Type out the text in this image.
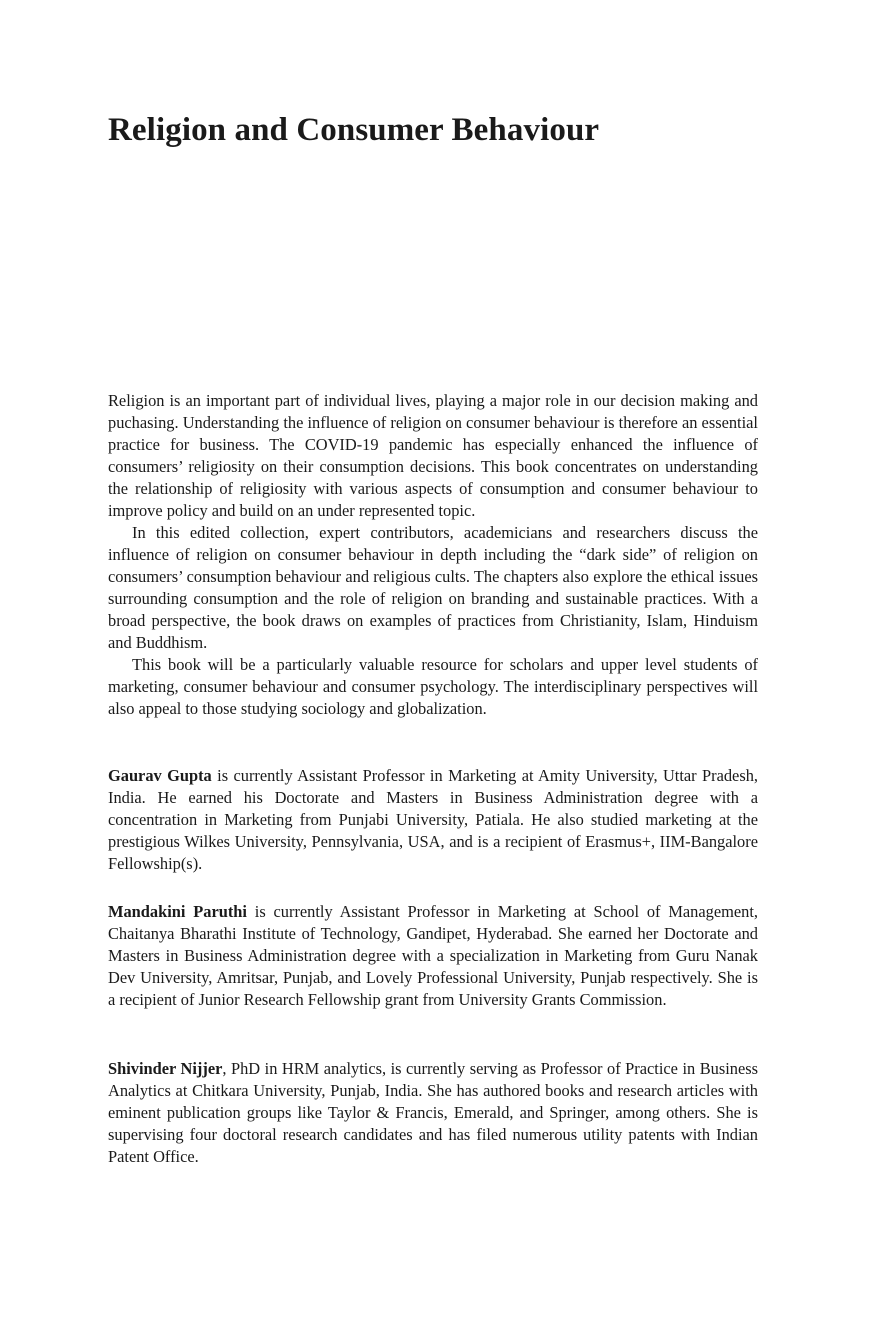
Religion and Consumer Behaviour

Religion is an important part of individual lives, playing a major role in our decision making and puchasing. Understanding the influence of religion on consumer behaviour is therefore an essential practice for business. The COVID-19 pandemic has especially enhanced the influence of consumers’ religiosity on their consumption decisions. This book concentrates on understanding the relationship of religiosity with various aspects of consumption and consumer behaviour to improve policy and build on an under represented topic.

In this edited collection, expert contributors, academicians and researchers discuss the influence of religion on consumer behaviour in depth including the “dark side” of religion on consumers’ consumption behaviour and religious cults. The chapters also explore the ethical issues surrounding consumption and the role of religion on branding and sustainable practices. With a broad perspective, the book draws on examples of practices from Christianity, Islam, Hinduism and Buddhism.

This book will be a particularly valuable resource for scholars and upper level students of marketing, consumer behaviour and consumer psychology. The interdisciplinary perspectives will also appeal to those studying sociology and globalization.

Gaurav Gupta is currently Assistant Professor in Marketing at Amity University, Uttar Pradesh, India. He earned his Doctorate and Masters in Business Administration degree with a concentration in Marketing from Punjabi University, Patiala. He also studied marketing at the prestigious Wilkes University, Pennsylvania, USA, and is a recipient of Erasmus+, IIM-Bangalore Fellowship(s).

Mandakini Paruthi is currently Assistant Professor in Marketing at School of Management, Chaitanya Bharathi Institute of Technology, Gandipet, Hyderabad. She earned her Doctorate and Masters in Business Administration degree with a specialization in Marketing from Guru Nanak Dev University, Amritsar, Punjab, and Lovely Professional University, Punjab respectively. She is a recipient of Junior Research Fellowship grant from University Grants Commission.

Shivinder Nijjer, PhD in HRM analytics, is currently serving as Professor of Practice in Business Analytics at Chitkara University, Punjab, India. She has authored books and research articles with eminent publication groups like Taylor & Francis, Emerald, and Springer, among others. She is supervising four doctoral research candidates and has filed numerous utility patents with Indian Patent Office.
